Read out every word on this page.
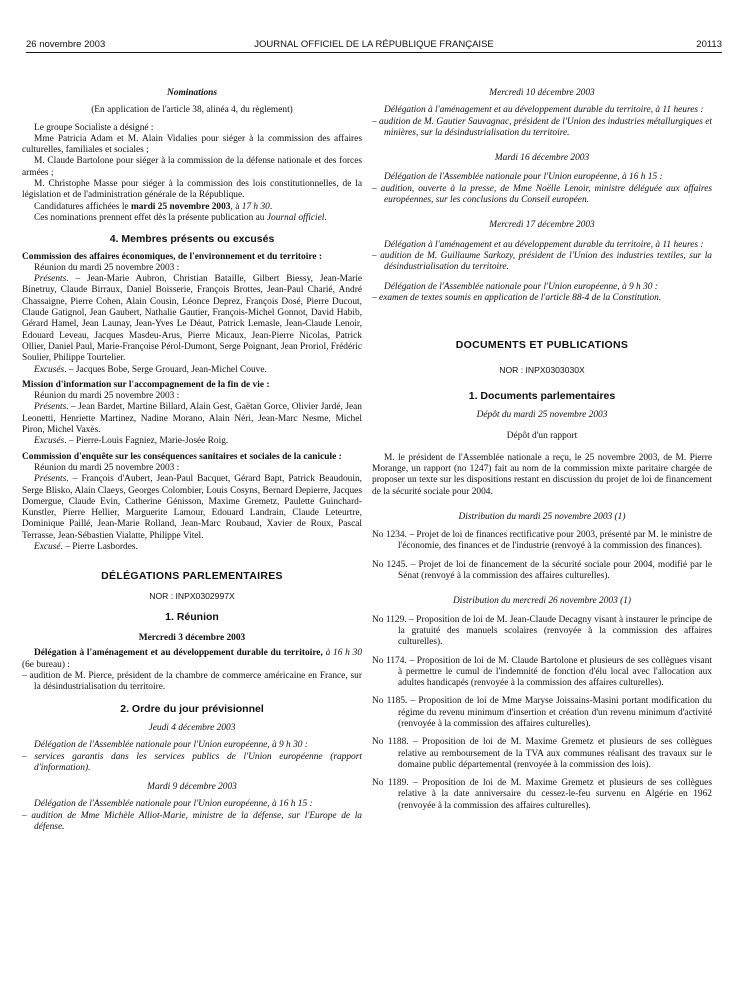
26 novembre 2003	JOURNAL OFFICIEL DE LA RÉPUBLIQUE FRANÇAISE	20113

Nominations

(En application de l'article 38, alinéa 4, du règlement)

Le groupe Socialiste a désigné :

Mme Patricia Adam et M. Alain Vidalies pour siéger à la commission des affaires culturelles, familiales et sociales ;

M. Claude Bartolone pour siéger à la commission de la défense nationale et des forces armées ;

M. Christophe Masse pour siéger à la commission des lois constitutionnelles, de la législation et de l'administration générale de la République.

Candidatures affichées le mardi 25 novembre 2003, à 17 h 30.

Ces nominations prennent effet dès la présente publication au Journal officiel.

4. Membres présents ou excusés

Commission des affaires économiques, de l'environnement et du territoire :

Réunion du mardi 25 novembre 2003 :

Présents. – Jean-Marie Aubron, Christian Bataille, Gilbert Biessy, Jean-Marie Binetruy, Claude Birraux, Daniel Boisserie, François Brottes, Jean-Paul Charié, André Chassaigne, Pierre Cohen, Alain Cousin, Léonce Deprez, François Dosé, Pierre Ducout, Claude Gatignol, Jean Gaubert, Nathalie Gautier, François-Michel Gonnot, David Habib, Gérard Hamel, Jean Launay, Jean-Yves Le Déaut, Patrick Lemasle, Jean-Claude Lenoir, Edouard Leveau, Jacques Masdeu-Arus, Pierre Micaux, Jean-Pierre Nicolas, Patrick Ollier, Daniel Paul, Marie-Françoise Pérol-Dumont, Serge Poignant, Jean Proriol, Frédéric Soulier, Philippe Tourtelier.

Excusés. – Jacques Bobe, Serge Grouard, Jean-Michel Couve.

Mission d'information sur l'accompagnement de la fin de vie :

Réunion du mardi 25 novembre 2003 :

Présents. – Jean Bardet, Martine Billard, Alain Gest, Gaëtan Gorce, Olivier Jardé, Jean Leonetti, Henriette Martinez, Nadine Morano, Alain Néri, Jean-Marc Nesme, Michel Piron, Michel Vaxès.

Excusés. – Pierre-Louis Fagniez, Marie-Josée Roig.

Commission d'enquête sur les conséquences sanitaires et sociales de la canicule :

Réunion du mardi 25 novembre 2003 :

Présents. – François d'Aubert, Jean-Paul Bacquet, Gérard Bapt, Patrick Beaudouin, Serge Blisko, Alain Claeys, Georges Colombier, Louis Cosyns, Bernard Depierre, Jacques Domergue, Claude Evin, Catherine Génisson, Maxime Gremetz, Paulette Guinchard-Kunstler, Pierre Hellier, Marguerite Lamour, Edouard Landrain, Claude Leteurtre, Dominique Paillé, Jean-Marie Rolland, Jean-Marc Roubaud, Xavier de Roux, Pascal Terrasse, Jean-Sébastien Vialatte, Philippe Vitel.

Excusé. – Pierre Lasbordes.

DÉLÉGATIONS PARLEMENTAIRES

NOR : INPX0302997X

1. Réunion

Mercredi 3 décembre 2003

Délégation à l'aménagement et au développement durable du territoire, à 16 h 30 (6e bureau) :

– audition de M. Pierce, président de la chambre de commerce américaine en France, sur la désindustrialisation du territoire.

2. Ordre du jour prévisionnel

Jeudi 4 décembre 2003

Délégation de l'Assemblée nationale pour l'Union européenne, à 9 h 30 :

– services garantis dans les services publics de l'Union européenne (rapport d'information).

Mardi 9 décembre 2003

Délégation de l'Assemblée nationale pour l'Union européenne, à 16 h 15 :

– audition de Mme Michèle Alliot-Marie, ministre de la défense, sur l'Europe de la défense.

Mercredi 10 décembre 2003

Délégation à l'aménagement et au développement durable du territoire, à 11 heures :

– audition de M. Gautier Sauvagnac, président de l'Union des industries métallurgiques et minières, sur la désindustrialisation du territoire.

Mardi 16 décembre 2003

Délégation de l'Assemblée nationale pour l'Union européenne, à 16 h 15 :

– audition, ouverte à la presse, de Mme Noëlle Lenoir, ministre déléguée aux affaires européennes, sur les conclusions du Conseil européen.

Mercredi 17 décembre 2003

Délégation à l'aménagement et au développement durable du territoire, à 11 heures :

– audition de M. Guillaume Sarkozy, président de l'Union des industries textiles, sur la désindustrialisation du territoire.

Délégation de l'Assemblée nationale pour l'Union européenne, à 9 h 30 :

– examen de textes soumis en application de l'article 88-4 de la Constitution.

DOCUMENTS ET PUBLICATIONS

NOR : INPX0303030X

1. Documents parlementaires

Dépôt du mardi 25 novembre 2003

Dépôt d'un rapport

M. le président de l'Assemblée nationale a reçu, le 25 novembre 2003, de M. Pierre Morange, un rapport (no 1247) fait au nom de la commission mixte paritaire chargée de proposer un texte sur les dispositions restant en discussion du projet de loi de financement de la sécurité sociale pour 2004.

Distribution du mardi 25 novembre 2003 (1)

No 1234. – Projet de loi de finances rectificative pour 2003, présenté par M. le ministre de l'économie, des finances et de l'industrie (renvoyé à la commission des finances).

No 1245. – Projet de loi de financement de la sécurité sociale pour 2004, modifié par le Sénat (renvoyé à la commission des affaires culturelles).

Distribution du mercredi 26 novembre 2003 (1)

No 1129. – Proposition de loi de M. Jean-Claude Decagny visant à instaurer le principe de la gratuité des manuels scolaires (renvoyée à la commission des affaires culturelles).

No 1174. – Proposition de loi de M. Claude Bartolone et plusieurs de ses collègues visant à permettre le cumul de l'indemnité de fonction d'élu local avec l'allocation aux adultes handicapés (renvoyée à la commission des affaires culturelles).

No 1185. – Proposition de loi de Mme Maryse Joissains-Masini portant modification du régime du revenu minimum d'insertion et création d'un revenu minimum d'activité (renvoyée à la commission des affaires culturelles).

No 1188. – Proposition de loi de M. Maxime Gremetz et plusieurs de ses collègues relative au remboursement de la TVA aux communes réalisant des travaux sur le domaine public départemental (renvoyée à la commission des lois).

No 1189. – Proposition de loi de M. Maxime Gremetz et plusieurs de ses collègues relative à la date anniversaire du cessez-le-feu survenu en Algérie en 1962 (renvoyée à la commission des affaires culturelles).
